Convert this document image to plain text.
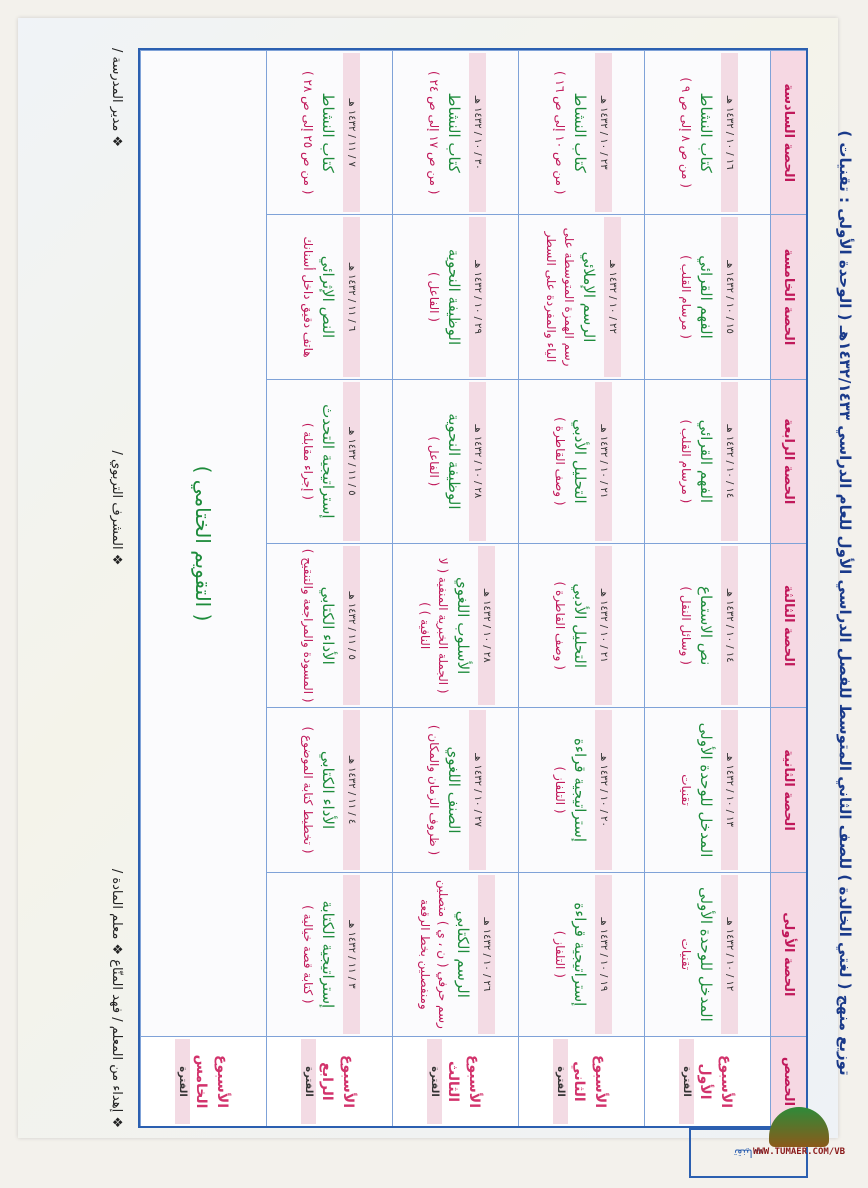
توزيع منهج ( لغتي الخالدة ) للصف الثاني المتوسط للفصل الدراسي الأول للعام الدراسي ١٤٣٢/١٤٣٣هـ ( الوحدة الأولى : تقنيات )
تقنيات
الحصص
الحصة الأولى
الحصة الثانية
الحصة الثالثة
الحصة الرابعة
الحصة الخامسة
الحصة السادسة
الأسبوع الأول
الفترة
١٢ / ١٠ / ١٤٣٢ هـ
المدخل للوحدة الأولى
تقنيات
١٣ / ١٠ / ١٤٣٢ هـ
المدخل للوحدة الأولى
تقنيات
١٤ / ١٠ / ١٤٣٢ هـ
نص الاستماع
( وسائل النقل )
١٤ / ١٠ / ١٤٣٢ هـ
الفهم القرائي
( مرسام القلب )
١٥ / ١٠ / ١٤٣٢ هـ
الفهم القرائي
( مرسام القلب )
١٦ / ١٠ / ١٤٣٢ هـ
كتاب النشاط
( من ص ٨ إلى ص ٩ )
الأسبوع الثاني
الفترة
١٩ / ١٠ / ١٤٣٢ هـ
إستراتيجية قراءة
( التلفاز )
٢٠ / ١٠ / ١٤٣٢ هـ
إستراتيجية قراءة
( التلفاز )
٢١ / ١٠ / ١٤٣٢ هـ
التحليل الأدبي
( وصف القاطرة )
٢١ / ١٠ / ١٤٣٢ هـ
التحليل الأدبي
( وصف القاطرة )
٢٢ / ١٠ / ١٤٣٢ هـ
الرسم الإملائي
رسم الهمزة المتوسطة على الياء والمفردة على السطر
٢٣ / ١٠ / ١٤٣٢ هـ
كتاب النشاط
( من ص ١٠ إلى ص ١٦ )
الأسبوع الثالث
الفترة
٢٦ / ١٠ / ١٤٣٢ هـ
الرسم الكتابي
رسم حرفي ( ن ، ي ) متصلين ومنفصلين بخط الرقعة
٢٧ / ١٠ / ١٤٣٢ هـ
الصنف اللغوي
( ظروف الزمان والمكان )
٢٨ / ١٠ / ١٤٣٢ هـ
الأسلوب اللغوي
( الجملة الخبرية المنفية ( لا النافية ) )
٢٨ / ١٠ / ١٤٣٢ هـ
الوظيفة النحوية
( الفاعل )
٢٩ / ١٠ / ١٤٣٢ هـ
الوظيفة النحوية
( الفاعل )
٣٠ / ١٠ / ١٤٣٢ هـ
كتاب النشاط
( من ص ١٧ إلى ص ٢٤ )
الأسبوع الرابع
الفترة
٣ / ١١ / ١٤٣٢ هـ
إستراتيجية الكتابة
( كتابة قصة خيالية )
٤ / ١١ / ١٤٣٢ هـ
الأداء الكتابي
( تخطيط كتابة الموضوع )
٥ / ١١ / ١٤٣٢ هـ
الأداء الكتابي
( المسودة والمراجعة والتنقيح )
٥ / ١١ / ١٤٣٢ هـ
إستراتيجية التحدث
( إجراء مقابلة )
٦ / ١١ / ١٤٣٢ هـ
النص الإثرائي
هاتف دقيق داخل أسنانك
٧ / ١١ / ١٤٣٢ هـ
كتاب النشاط
( من ص ٢٥ إلى ص ٢٨ )
الأسبوع الخامس
الفترة
( التقويم الختامي )
❖ إهداء من المعلم / فهد المنّاع ❖ معلم المادة /
❖ المشرف التربوي /
❖ مدير المدرسة /
WWW.TUMAER.COM/VB
